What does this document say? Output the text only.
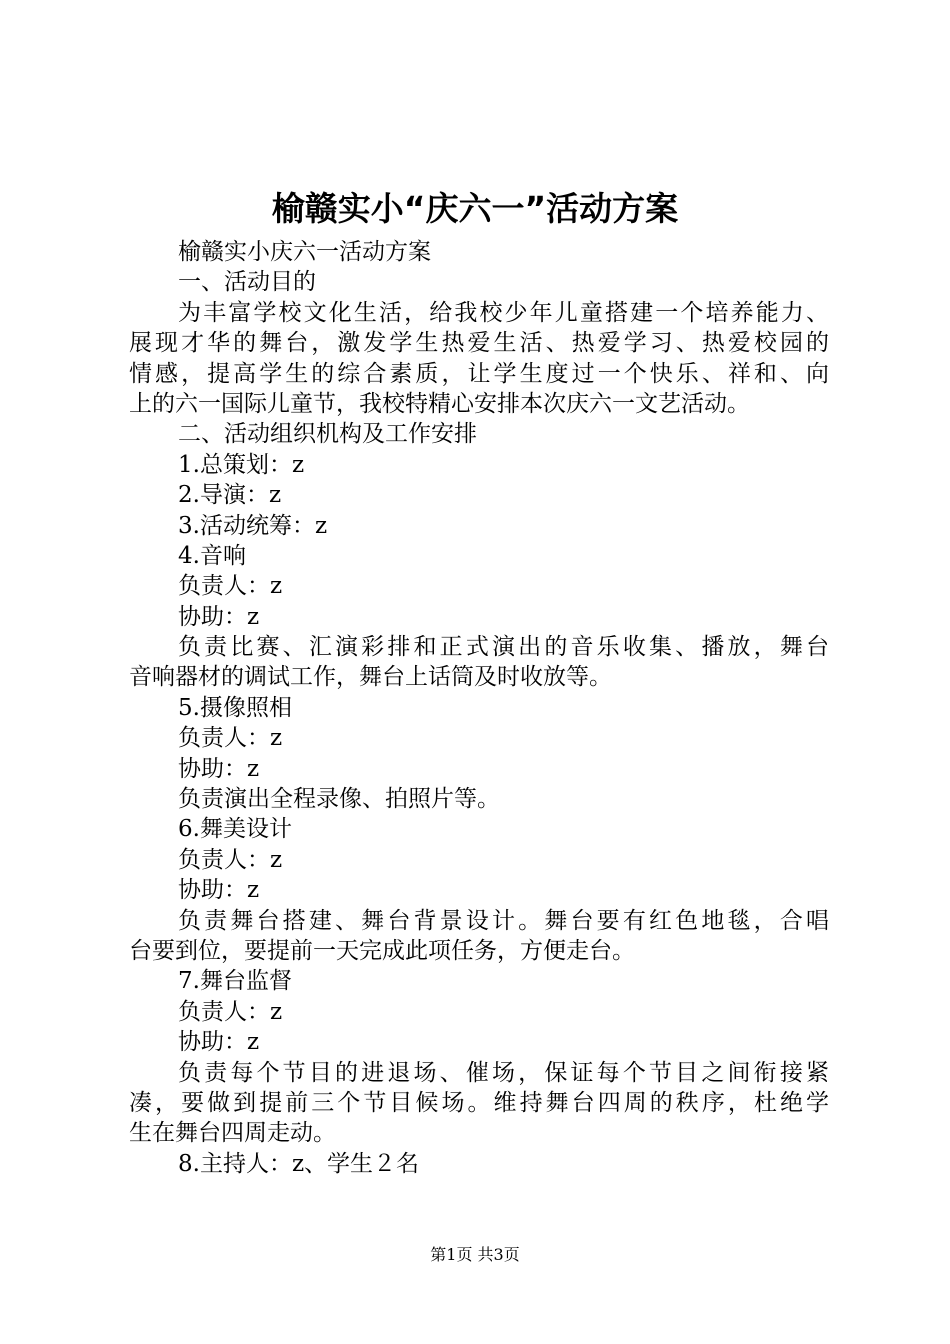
榆赣实小“庆六一”活动方案
榆赣实小庆六一活动方案
一、活动目的
为丰富学校文化生活，给我校少年儿童搭建一个培养能力、
展现才华的舞台，激发学生热爱生活、热爱学习、热爱校园的
情感，提高学生的综合素质，让学生度过一个快乐、祥和、向
上的六一国际儿童节，我校特精心安排本次庆六一文艺活动。
二、活动组织机构及工作安排
1.总策划：z
2.导演：z
3.活动统筹：z
4.音响
负责人：z
协助：z
负责比赛、汇演彩排和正式演出的音乐收集、播放，舞台
音响器材的调试工作，舞台上话筒及时收放等。
5.摄像照相
负责人：z
协助：z
负责演出全程录像、拍照片等。
6.舞美设计
负责人：z
协助：z
负责舞台搭建、舞台背景设计。舞台要有红色地毯，合唱
台要到位，要提前一天完成此项任务，方便走台。
7.舞台监督
负责人：z
协助：z
负责每个节目的进退场、催场，保证每个节目之间衔接紧
凑，要做到提前三个节目候场。维持舞台四周的秩序，杜绝学
生在舞台四周走动。
8.主持人：z、学生２名
第1页 共3页
